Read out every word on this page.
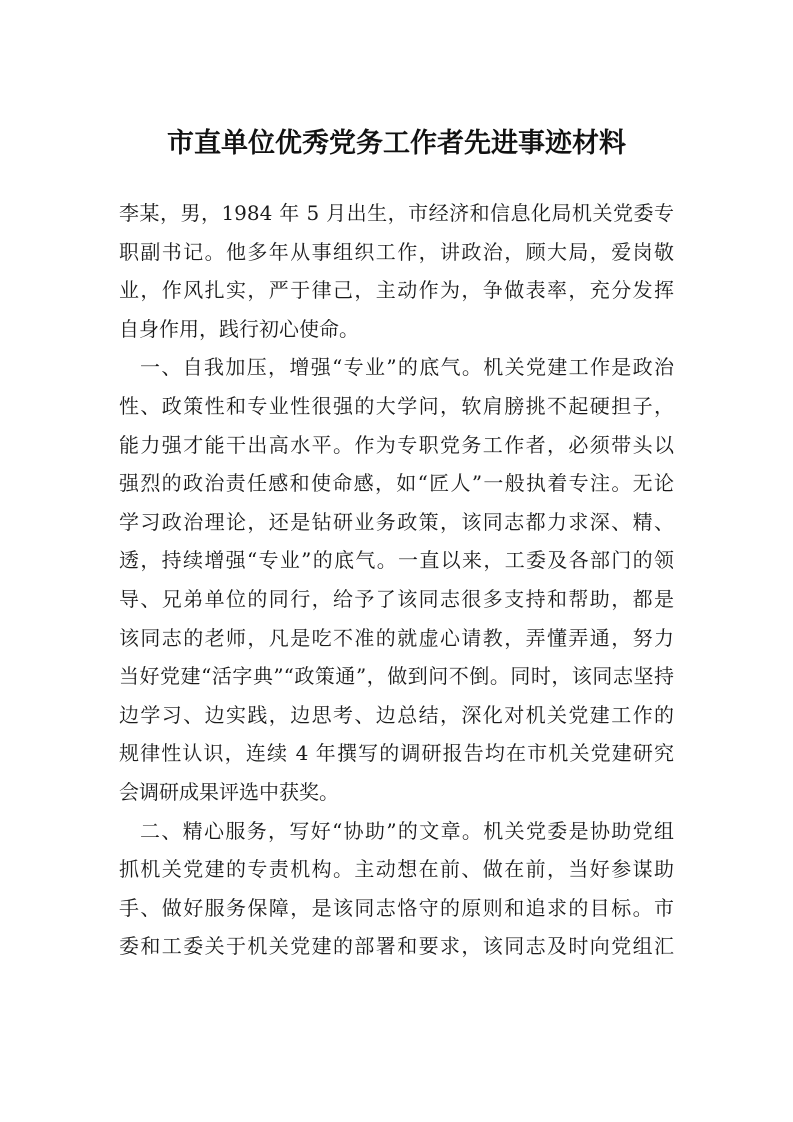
市直单位优秀党务工作者先进事迹材料
李某，男，1984 年 5 月出生，市经济和信息化局机关党委专
职副书记。他多年从事组织工作，讲政治，顾大局，爱岗敬
业，作风扎实，严于律己，主动作为，争做表率，充分发挥
自身作用，践行初心使命。
一、自我加压，增强“专业”的底气。机关党建工作是政治
性、政策性和专业性很强的大学问，软肩膀挑不起硬担子，
能力强才能干出高水平。作为专职党务工作者，必须带头以
强烈的政治责任感和使命感，如“匠人”一般执着专注。无论
学习政治理论，还是钻研业务政策，该同志都力求深、精、
透，持续增强“专业”的底气。一直以来，工委及各部门的领
导、兄弟单位的同行，给予了该同志很多支持和帮助，都是
该同志的老师，凡是吃不准的就虚心请教，弄懂弄通，努力
当好党建“活字典”“政策通”，做到问不倒。同时，该同志坚持
边学习、边实践，边思考、边总结，深化对机关党建工作的
规律性认识，连续 4 年撰写的调研报告均在市机关党建研究
会调研成果评选中获奖。
二、精心服务，写好“协助”的文章。机关党委是协助党组
抓机关党建的专责机构。主动想在前、做在前，当好参谋助
手、做好服务保障，是该同志恪守的原则和追求的目标。市
委和工委关于机关党建的部署和要求，该同志及时向党组汇
